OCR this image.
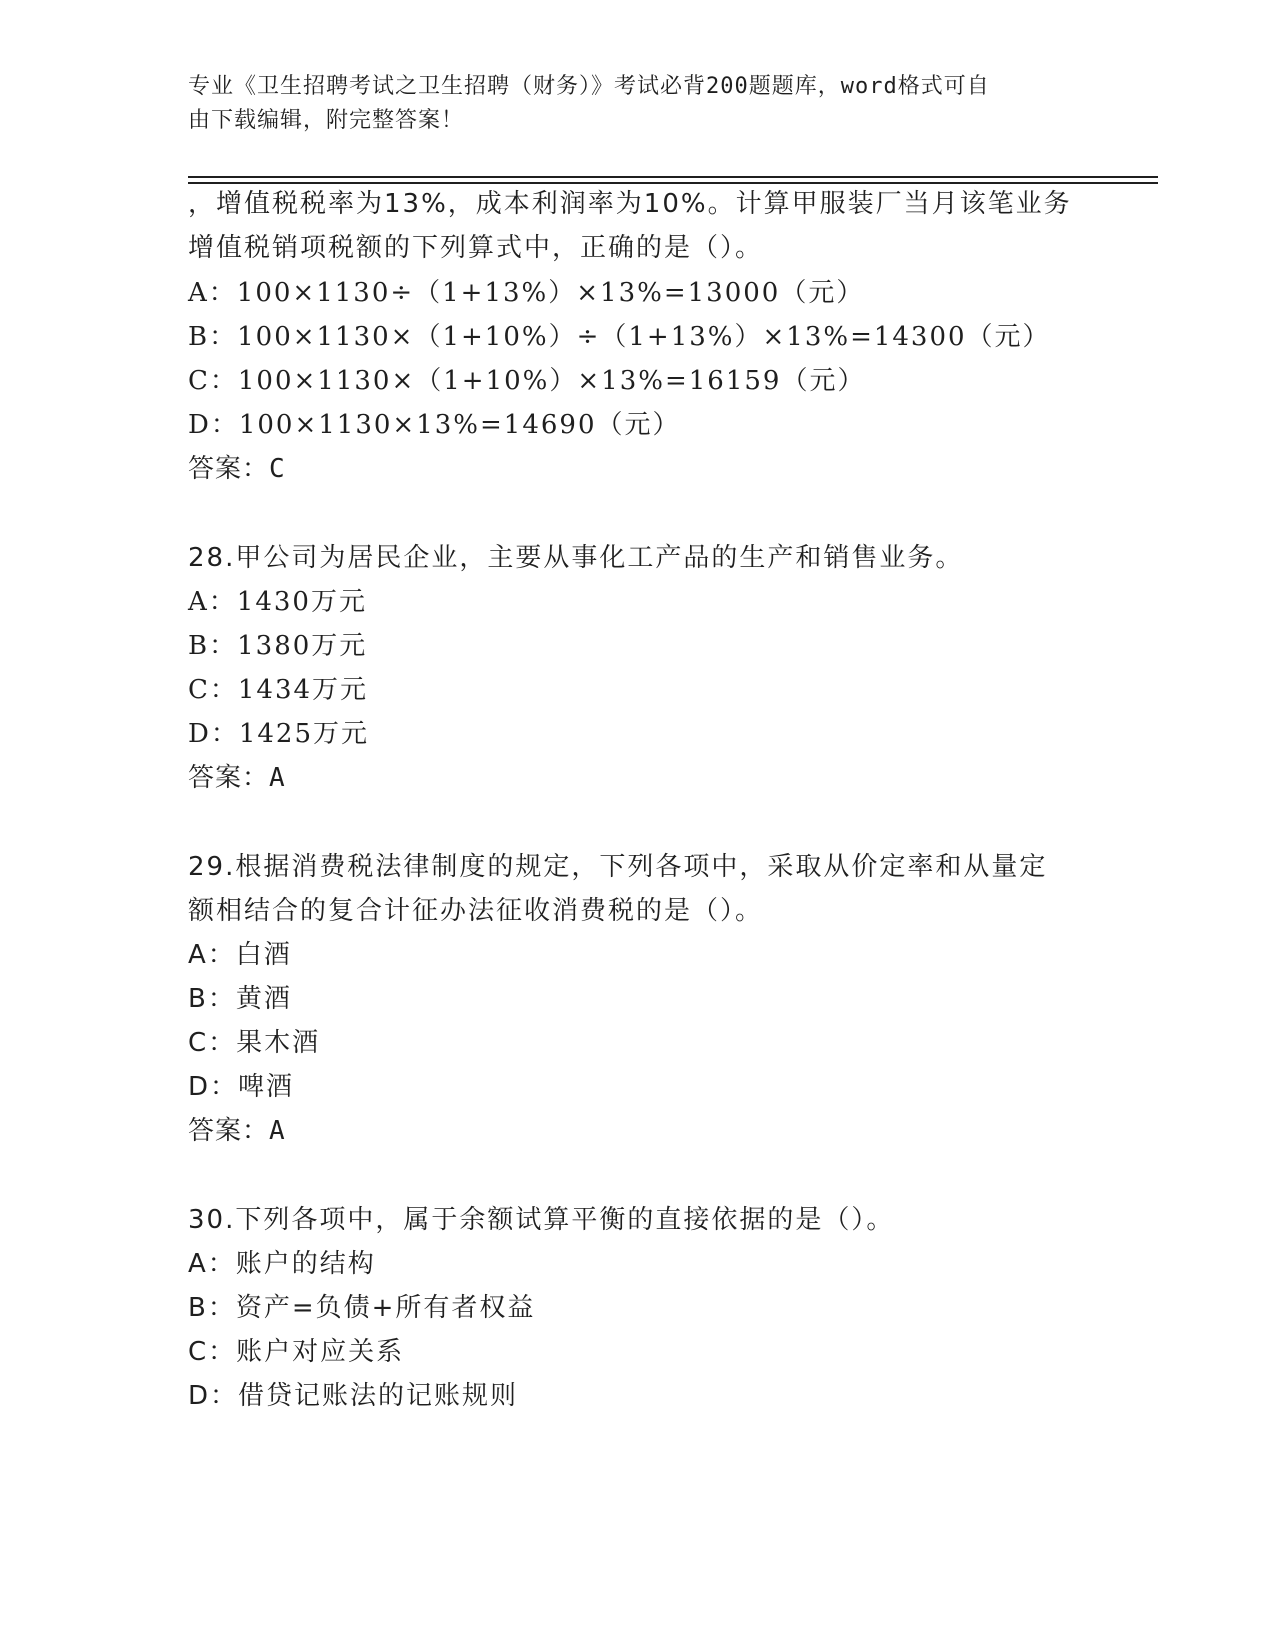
专业《卫生招聘考试之卫生招聘（财务）》考试必背200题题库，word格式可自
由下载编辑，附完整答案！
，增值税税率为13%，成本利润率为10%。计算甲服装厂当月该笔业务
增值税销项税额的下列算式中，正确的是（）。
A：100×1130÷（1+13%）×13%=13000（元）
B：100×1130×（1+10%）÷（1+13%）×13%=14300（元）
C：100×1130×（1+10%）×13%=16159（元）
D：100×1130×13%=14690（元）
答案：C
28.甲公司为居民企业，主要从事化工产品的生产和销售业务。
A：1430万元
B：1380万元
C：1434万元
D：1425万元
答案：A
29.根据消费税法律制度的规定，下列各项中，采取从价定率和从量定
额相结合的复合计征办法征收消费税的是（）。
A：白酒
B：黄酒
C：果木酒
D：啤酒
答案：A
30.下列各项中，属于余额试算平衡的直接依据的是（）。
A：账户的结构
B：资产=负债+所有者权益
C：账户对应关系
D：借贷记账法的记账规则
